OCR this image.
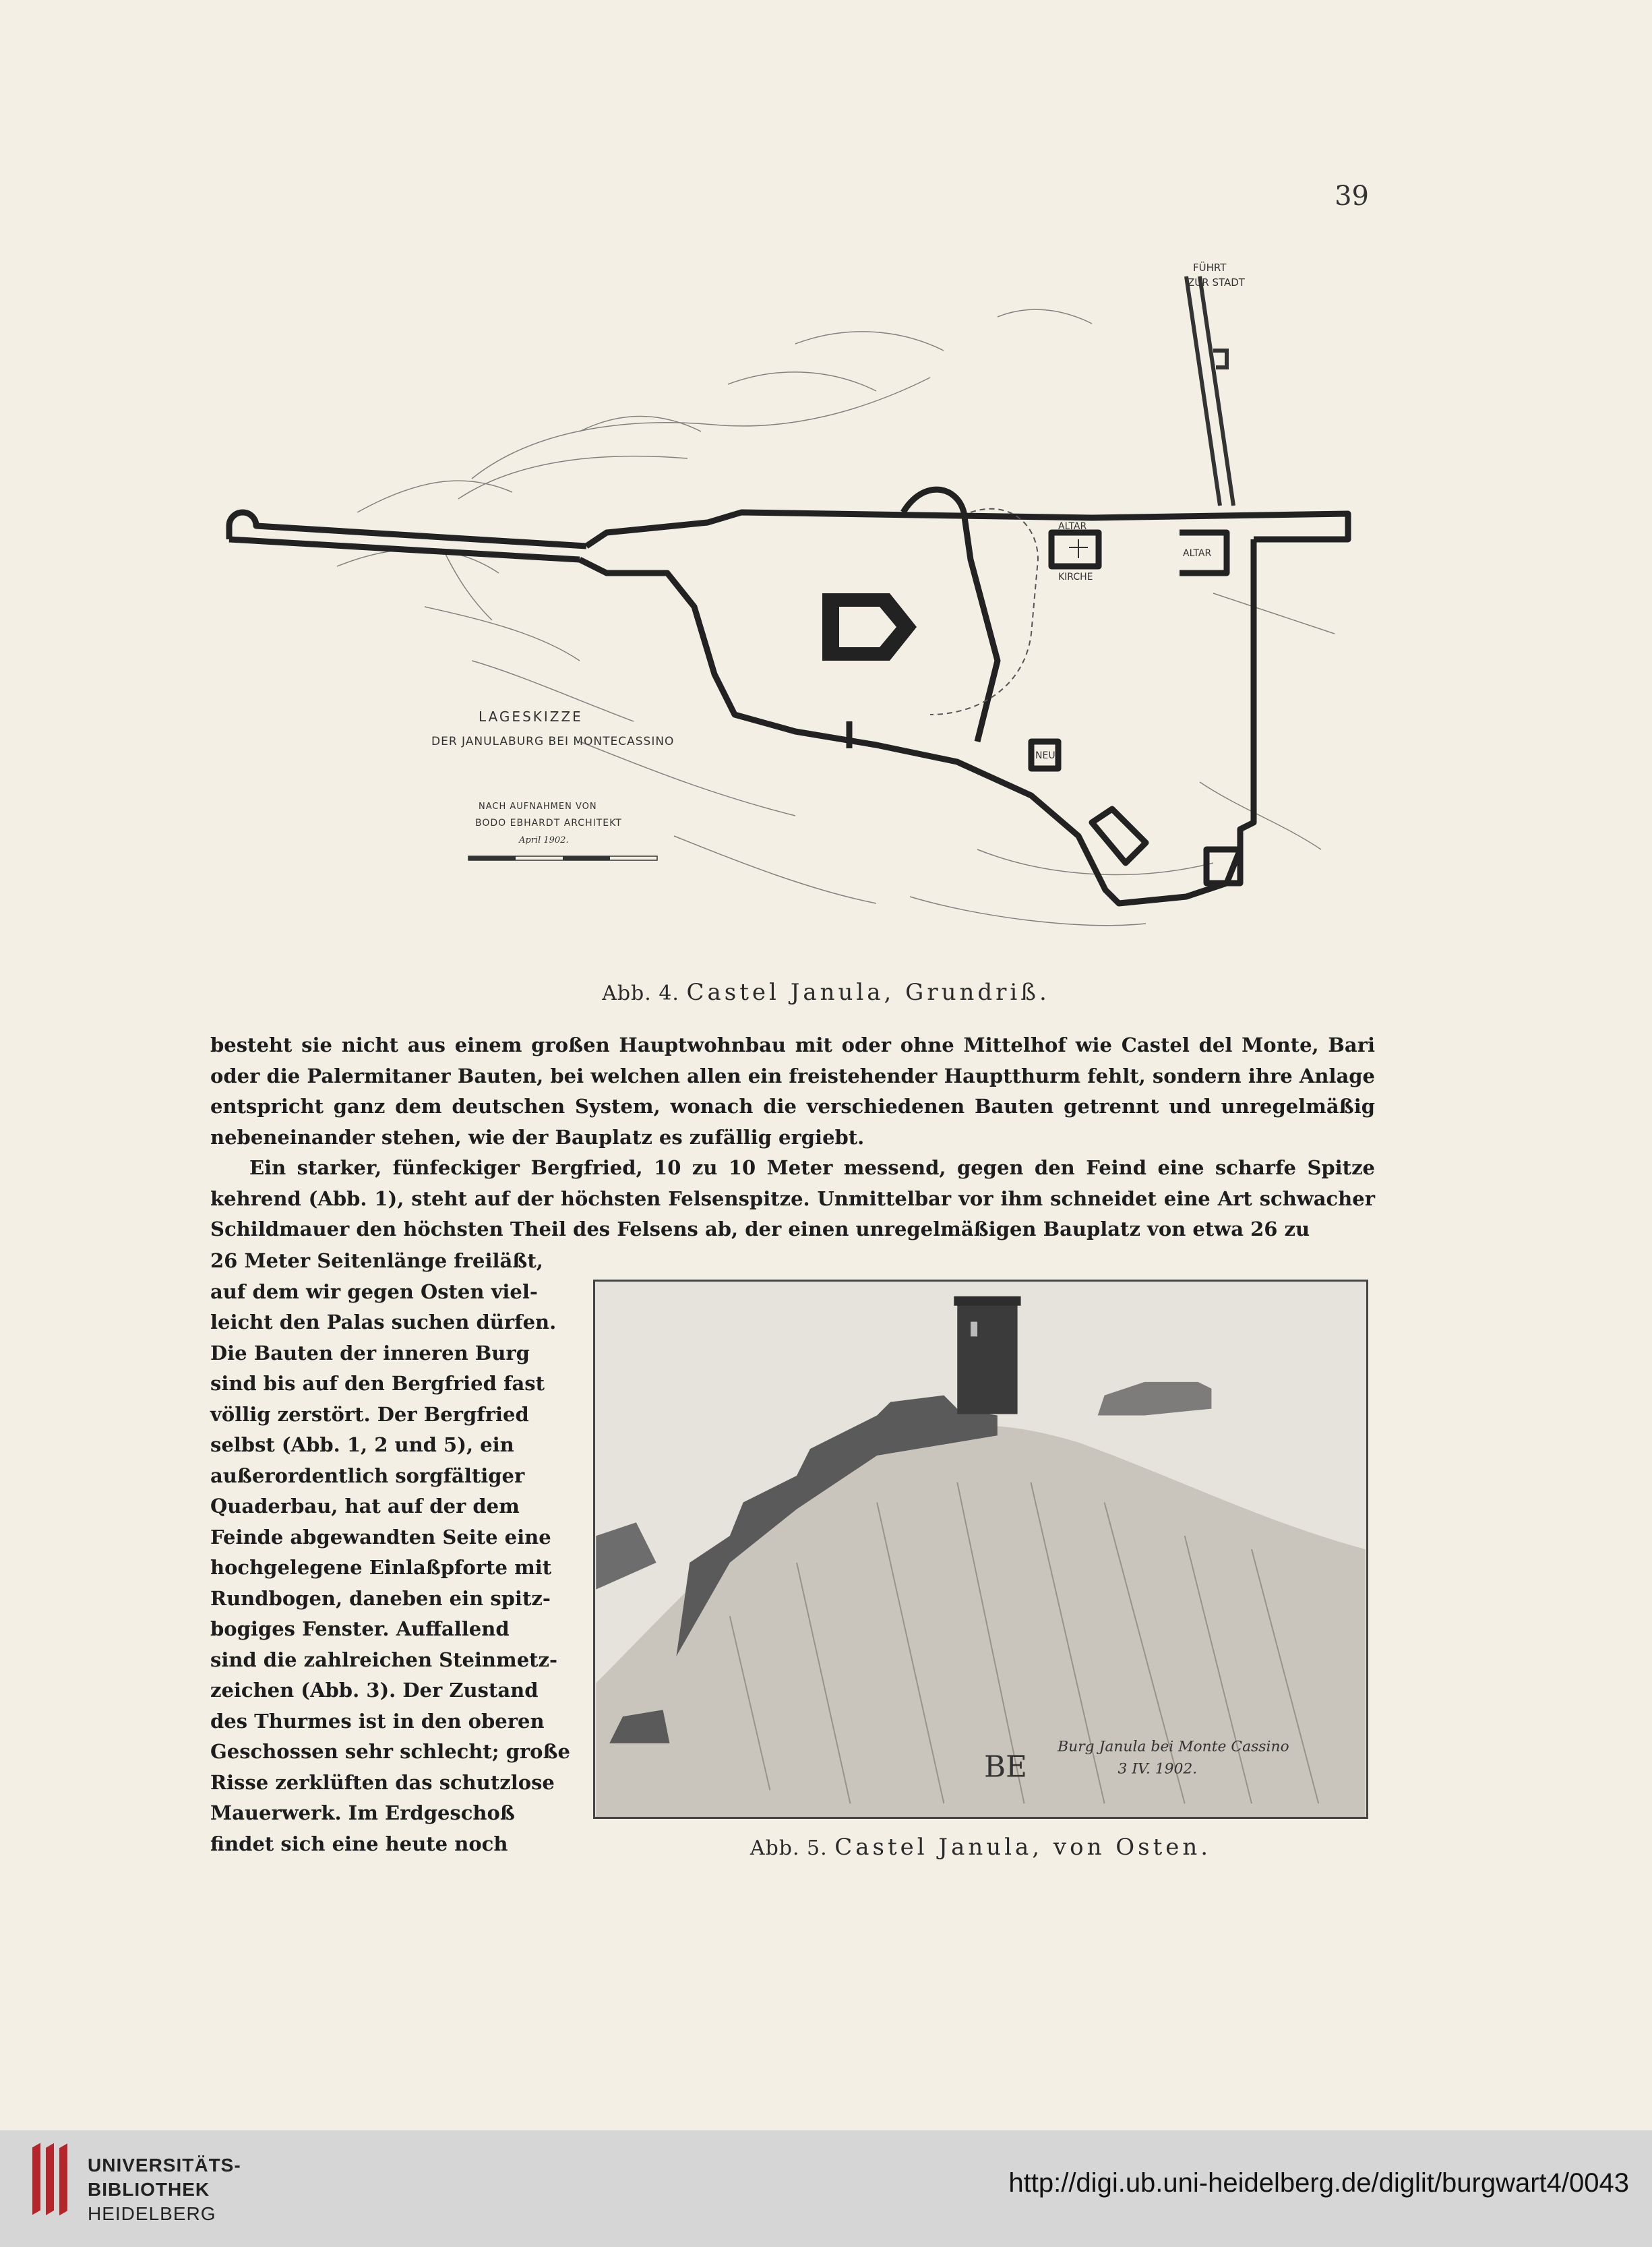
39
FÜHRT
ZUR STADT
ALTAR
ALTAR
KIRCHE
NEU
LAGESKIZZE
DER JANULABURG BEI MONTECASSINO
NACH AUFNAHMEN VON
BODO EBHARDT ARCHITEKT
April 1902.
Abb. 4. Castel Janula, Grundriß.

besteht sie nicht aus einem großen Hauptwohnbau mit oder ohne Mittelhof wie Castel del Monte, Bari oder die Palermitaner Bauten, bei welchen allen ein freistehender Hauptthurm fehlt, sondern ihre Anlage entspricht ganz dem deutschen System, wonach die verschiedenen Bauten getrennt und unregelmäßig nebeneinander stehen, wie der Bauplatz es zufällig ergiebt.

Ein starker, fünfeckiger Bergfried, 10 zu 10 Meter messend, gegen den Feind eine scharfe Spitze kehrend (Abb. 1), steht auf der höchsten Felsenspitze. Unmittelbar vor ihm schneidet eine Art schwacher Schildmauer den höchsten Theil des Felsens ab, der einen unregelmäßigen Bauplatz von etwa 26 zu

26 Meter Seitenlänge freiläßt,
auf dem wir gegen Osten viel-
leicht den Palas suchen dürfen.
Die Bauten der inneren Burg
sind bis auf den Bergfried fast
völlig zerstört. Der Bergfried
selbst (Abb. 1, 2 und 5), ein
außerordentlich sorgfältiger
Quaderbau, hat auf der dem
Feinde abgewandten Seite eine
hochgelegene Einlaßpforte mit
Rundbogen, daneben ein spitz-
bogiges Fenster. Auffallend
sind die zahlreichen Steinmetz-
zeichen (Abb. 3). Der Zustand
des Thurmes ist in den oberen
Geschossen sehr schlecht; große
Risse zerklüften das schutzlose
Mauerwerk. Im Erdgeschoß
findet sich eine heute noch
Burg Janula bei Monte Cassino
3 IV. 1902.
BE
Abb. 5. Castel Janula, von Osten.
UNIVERSITÄTS-
BIBLIOTHEK
HEIDELBERG
http://digi.ub.uni-heidelberg.de/diglit/burgwart4/0043
